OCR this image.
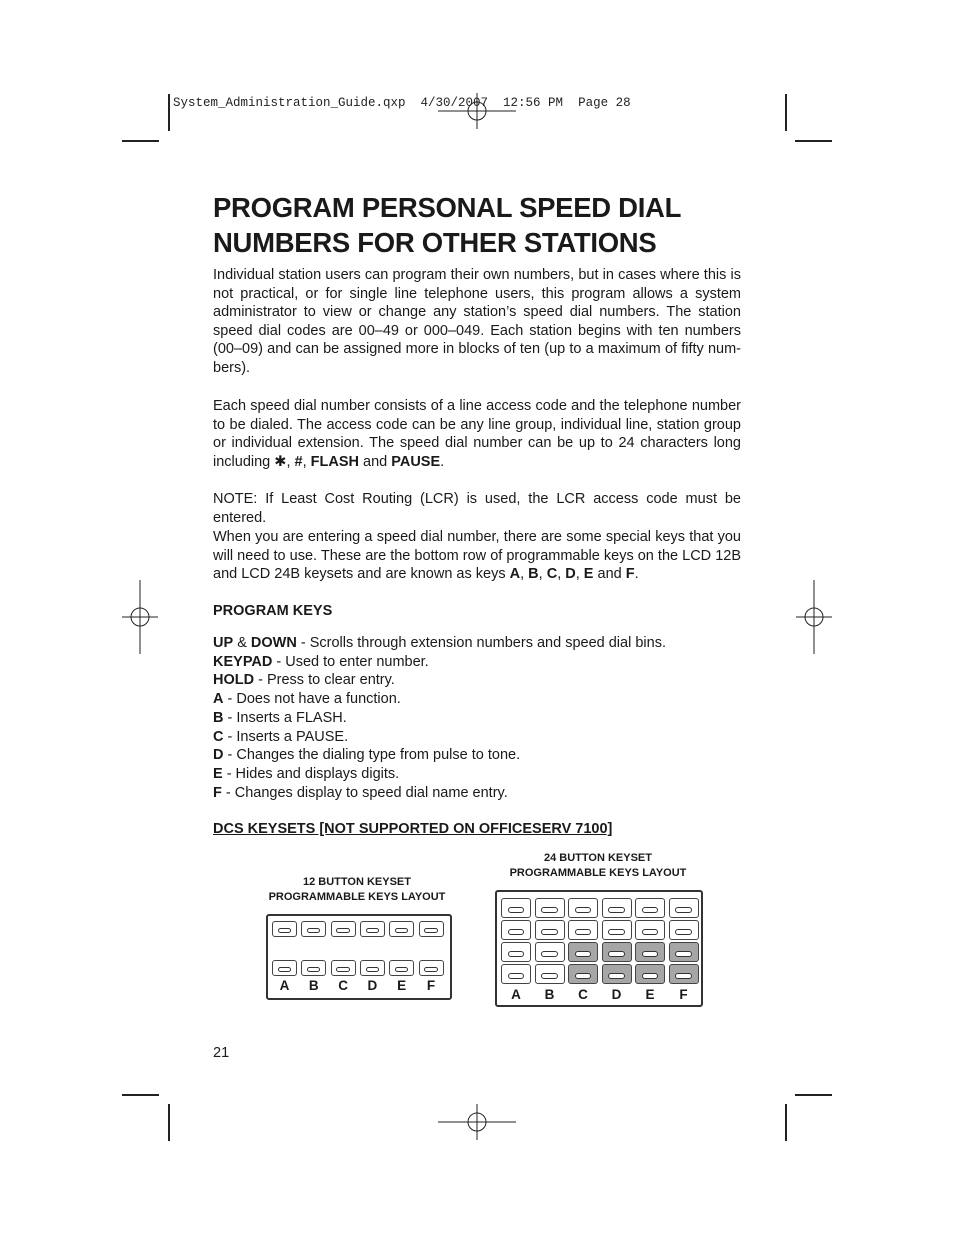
System_Administration_Guide.qxp  4/30/2007  12:56 PM  Page 28
PROGRAM PERSONAL SPEED DIAL NUMBERS FOR OTHER STATIONS

Individual station users can program their own numbers, but in cases where this is not practical, or for single line telephone users, this program allows a system administrator to view or change any station’s speed dial numbers. The station speed dial codes are 00–49 or 000–049. Each station begins with ten numbers (00–09) and can be assigned more in blocks of ten (up to a maximum of fifty num-bers).

Each speed dial number consists of a line access code and the telephone number to be dialed. The access code can be any line group, individual line, station group or individual extension. The speed dial number can be up to 24 characters long including ✱, #, FLASH and PAUSE.

NOTE: If Least Cost Routing (LCR) is used, the LCR access code must be entered.

When you are entering a speed dial number, there are some special keys that you will need to use. These are the bottom row of programmable keys on the LCD 12B and LCD 24B keysets and are known as keys A, B, C, D, E and F.

PROGRAM KEYS

UP & DOWN - Scrolls through extension numbers and speed dial bins.
KEYPAD - Used to enter number.
HOLD - Press to clear entry.
A - Does not have a function.
B - Inserts a FLASH.
C - Inserts a PAUSE.
D - Changes the dialing type from pulse to tone.
E - Hides and displays digits.
F - Changes display to speed dial name entry.

DCS KEYSETS [NOT SUPPORTED ON OFFICESERV 7100]

12 BUTTON KEYSET
PROGRAMMABLE KEYS LAYOUT
A	B	C	D	E	F
24 BUTTON KEYSET
PROGRAMMABLE KEYS LAYOUT
A	B	C	D	E	F
21
